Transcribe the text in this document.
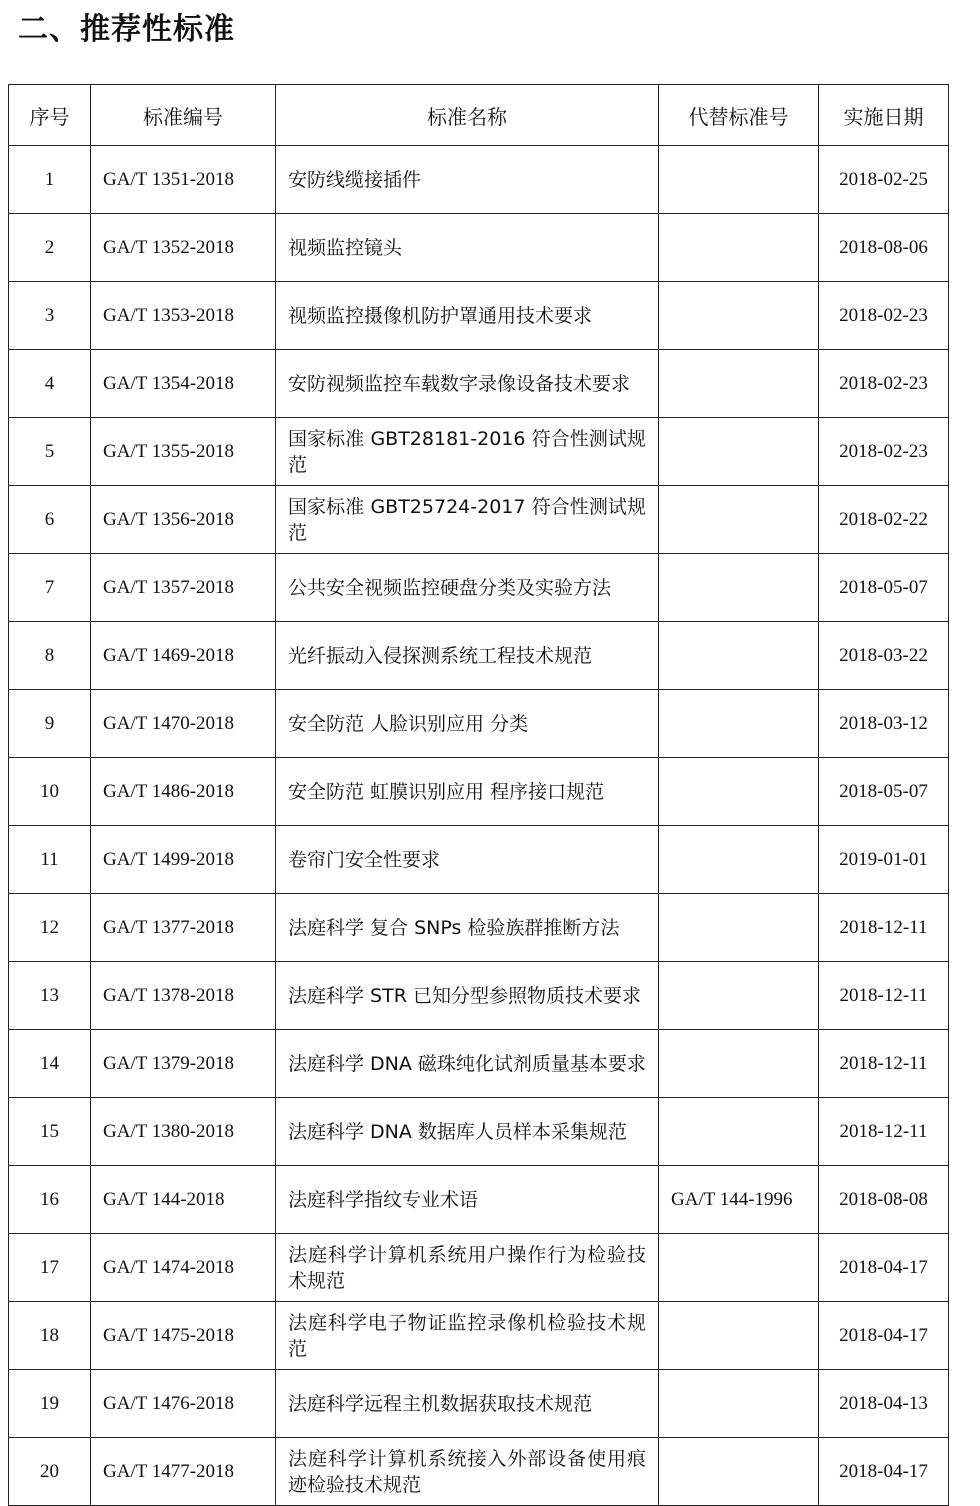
二、推荐性标准
序号	标准编号	标准名称	代替标准号	实施日期
1	GA/T 1351-2018	安防线缆接插件		2018-02-25
2	GA/T 1352-2018	视频监控镜头		2018-08-06
3	GA/T 1353-2018	视频监控摄像机防护罩通用技术要求		2018-02-23
4	GA/T 1354-2018	安防视频监控车载数字录像设备技术要求		2018-02-23
5	GA/T 1355-2018	国家标准 GBT28181-2016 符合性测试规范		2018-02-23
6	GA/T 1356-2018	国家标准 GBT25724-2017 符合性测试规范		2018-02-22
7	GA/T 1357-2018	公共安全视频监控硬盘分类及实验方法		2018-05-07
8	GA/T 1469-2018	光纤振动入侵探测系统工程技术规范		2018-03-22
9	GA/T 1470-2018	安全防范 人脸识别应用 分类		2018-03-12
10	GA/T 1486-2018	安全防范 虹膜识别应用 程序接口规范		2018-05-07
11	GA/T 1499-2018	卷帘门安全性要求		2019-01-01
12	GA/T 1377-2018	法庭科学 复合 SNPs 检验族群推断方法		2018-12-11
13	GA/T 1378-2018	法庭科学 STR 已知分型参照物质技术要求		2018-12-11
14	GA/T 1379-2018	法庭科学 DNA 磁珠纯化试剂质量基本要求		2018-12-11
15	GA/T 1380-2018	法庭科学 DNA 数据库人员样本采集规范		2018-12-11
16	GA/T 144-2018	法庭科学指纹专业术语	GA/T 144-1996	2018-08-08
17	GA/T 1474-2018	法庭科学计算机系统用户操作行为检验技术规范		2018-04-17
18	GA/T 1475-2018	法庭科学电子物证监控录像机检验技术规范		2018-04-17
19	GA/T 1476-2018	法庭科学远程主机数据获取技术规范		2018-04-13
20	GA/T 1477-2018	法庭科学计算机系统接入外部设备使用痕迹检验技术规范		2018-04-17
